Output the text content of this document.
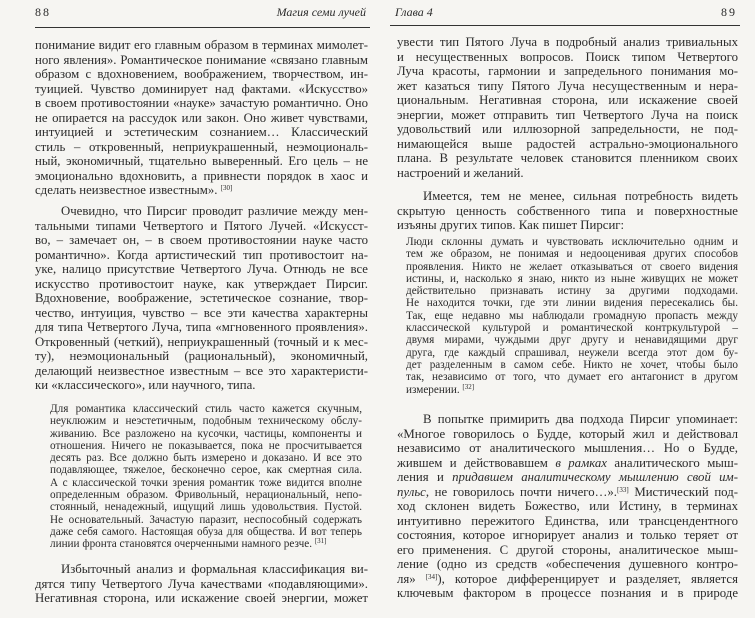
88	Магия семи лучей
понимание видит его главным образом в терминах мимолет-
ного явления». Романтическое понимание «связано главным
образом с вдохновением, воображением, творчеством, ин-
туицией. Чувство доминирует над фактами. «Искусство»
в своем противостоянии «науке» зачастую романтично. Оно
не опирается на рассудок или закон. Оно живет чувствами,
интуицией и эстетическим сознанием… Классический
стиль – откровенный, неприукрашенный, неэмоциональ-
ный, экономичный, тщательно выверенный. Его цель – не
эмоционально вдохновить, а привнести порядок в хаос и
сделать неизвестное известным». [30]
Очевидно, что Пирсиг проводит различие между мен-
тальными типами Четвертого и Пятого Лучей. «Искусст-
во, – замечает он, – в своем противостоянии науке часто
романтично». Когда артистический тип противостоит на-
уке, налицо присутствие Четвертого Луча. Отнюдь не все
искусство противостоит науке, как утверждает Пирсиг.
Вдохновение, воображение, эстетическое сознание, твор-
чество, интуиция, чувство – все эти качества характерны
для типа Четвертого Луча, типа «мгновенного проявления».
Откровенный (четкий), неприукрашенный (точный и к мес-
ту), неэмоциональный (рациональный), экономичный,
делающий неизвестное известным – все это характеристи-
ки «классического», или научного, типа.
Для романтика классический стиль часто кажется скучным,
неуклюжим и неэстетичным, подобным техническому обслу-
живанию. Все разложено на кусочки, частицы, компоненты и
отношения. Ничего не показывается, пока не просчитывается
десять раз. Все должно быть измерено и доказано. И все это
подавляющее, тяжелое, бесконечно серое, как смертная сила.
А с классической точки зрения романтик тоже видится вполне
определенным образом. Фривольный, нерациональный, непо-
стоянный, ненадежный, ищущий лишь удовольствия. Пустой.
Не основательный. Зачастую паразит, неспособный содержать
даже себя самого. Настоящая обуза для общества. И вот теперь
линии фронта становятся очерченными намного резче. [31]
Избыточный анализ и формальная классификация ви-
дятся типу Четвертого Луча качествами «подавляющими».
Негативная сторона, или искажение своей энергии, может
Глава 4	89
увести тип Пятого Луча в подробный анализ тривиальных
и несущественных вопросов. Поиск типом Четвертого
Луча красоты, гармонии и запредельного понимания мо-
жет казаться типу Пятого Луча несущественным и нера-
циональным. Негативная сторона, или искажение своей
энергии, может отправить тип Четвертого Луча на поиск
удовольствий или иллюзорной запредельности, не под-
нимающейся выше радостей астрально-эмоционального
плана. В результате человек становится пленником своих
настроений и желаний.
Имеется, тем не менее, сильная потребность видеть
скрытую ценность собственного типа и поверхностные
изъяны других типов. Как пишет Пирсиг:
Люди склонны думать и чувствовать исключительно одним и
тем же образом, не понимая и недооценивая других способов
проявления. Никто не желает отказываться от своего видения
истины, и, насколько я знаю, никто из ныне живущих не может
действительно признавать истину за другими подходами.
Не находится точки, где эти линии видения пересекались бы.
Так, еще недавно мы наблюдали громадную пропасть между
классической культурой и романтической контркультурой –
двумя мирами, чуждыми друг другу и ненавидящими друг
друга, где каждый спрашивал, неужели всегда этот дом бу-
дет разделенным в самом себе. Никто не хочет, чтобы было
так, независимо от того, что думает его антагонист в другом
измерении. [32]
В попытке примирить два подхода Пирсиг упоминает:
«Многое говорилось о Будде, который жил и действовал
независимо от аналитического мышления… Но о Будде,
жившем и действовавшем в рамках аналитического мыш-
ления и придавшем аналитическому мышлению свой им-
пульс, не говорилось почти ничего…».[33] Мистический под-
ход склонен видеть Божество, или Истину, в терминах
интуитивно пережитого Единства, или трансцендентного
состояния, которое игнорирует анализ и только теряет от
его применения. С другой стороны, аналитическое мыш-
ление (одно из средств «обеспечения душевного контро-
ля» [34]), которое дифференцирует и разделяет, является
ключевым фактором в процессе познания и в природе
